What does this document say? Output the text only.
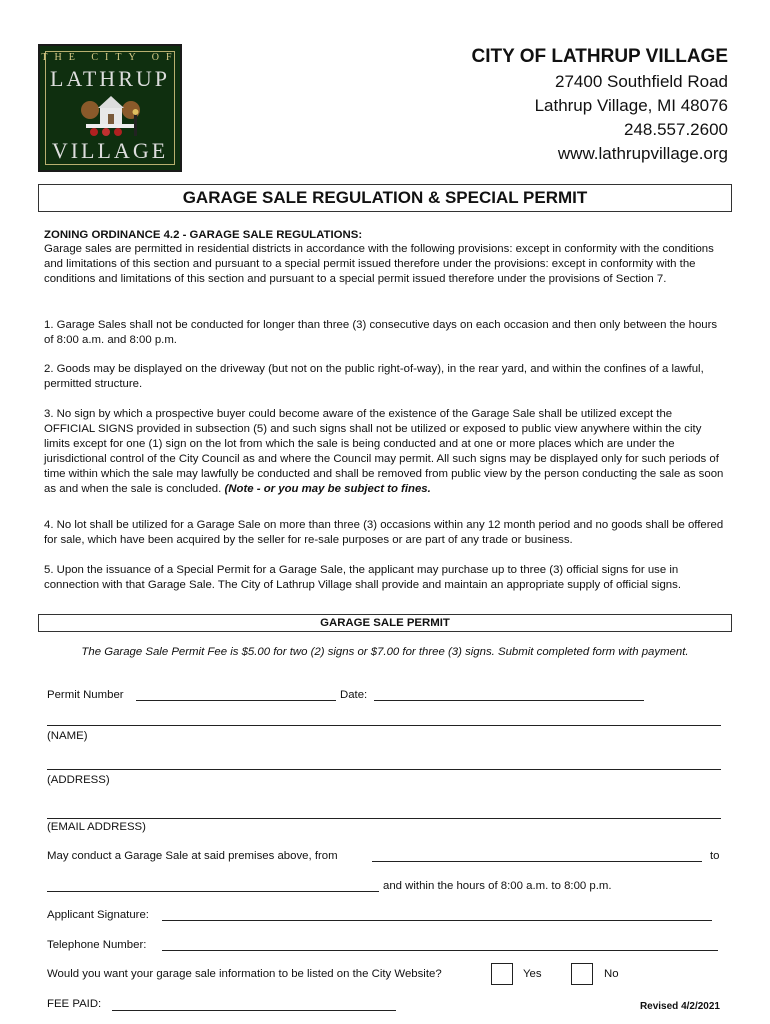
THE CITY OF
LATHRUP
VILLAGE
CITY OF LATHRUP VILLAGE
27400 Southfield Road
Lathrup Village, MI 48076
248.557.2600
www.lathrupvillage.org
GARAGE SALE REGULATION & SPECIAL PERMIT
ZONING ORDINANCE 4.2 - GARAGE SALE REGULATIONS:
Garage sales are permitted in residential districts in accordance with the following provisions: except in conformity with the conditions and limitations of this section and pursuant to a special permit issued therefore under the provisions: except in conformity with the conditions and limitations of this section and pursuant to a special permit issued therefore under the provisions of Section 7.
1. Garage Sales shall not be conducted for longer than three (3) consecutive days on each occasion and then only between the hours of 8:00 a.m. and 8:00 p.m.
2. Goods may be displayed on the driveway (but not on the public right-of-way), in the rear yard, and within the confines of a lawful, permitted structure.
3. No sign by which a prospective buyer could become aware of the existence of the Garage Sale shall be utilized except the OFFICIAL SIGNS provided in subsection (5) and such signs shall not be utilized or exposed to public view anywhere within the city limits except for one (1) sign on the lot from which the sale is being conducted and at one or more places which are under the jurisdictional control of the City Council as and where the Council may permit. All such signs may be displayed only for such periods of time within which the sale may lawfully be conducted and shall be removed from public view by the person conducting the sale as soon as and when the sale is concluded. (Note - or you may be subject to fines.
4. No lot shall be utilized for a Garage Sale on more than three (3) occasions within any 12 month period and no goods shall be offered for sale, which have been acquired by the seller for re-sale purposes or are part of any trade or business.
5. Upon the issuance of a Special Permit for a Garage Sale, the applicant may purchase up to three (3) official signs for use in connection with that Garage Sale. The City of Lathrup Village shall provide and maintain an appropriate supply of official signs.
GARAGE SALE PERMIT
The Garage Sale Permit Fee is $5.00 for two (2) signs or $7.00 for three (3) signs. Submit completed form with payment.
Permit Number	Date:
(NAME)
(ADDRESS)
(EMAIL ADDRESS)
May conduct a Garage Sale at said premises above, from	to
and within the hours of 8:00 a.m. to 8:00 p.m.
Applicant Signature:
Telephone Number:
Would you want your garage sale information to be listed on the City Website?	Yes	No
FEE PAID:	Revised 4/2/2021
